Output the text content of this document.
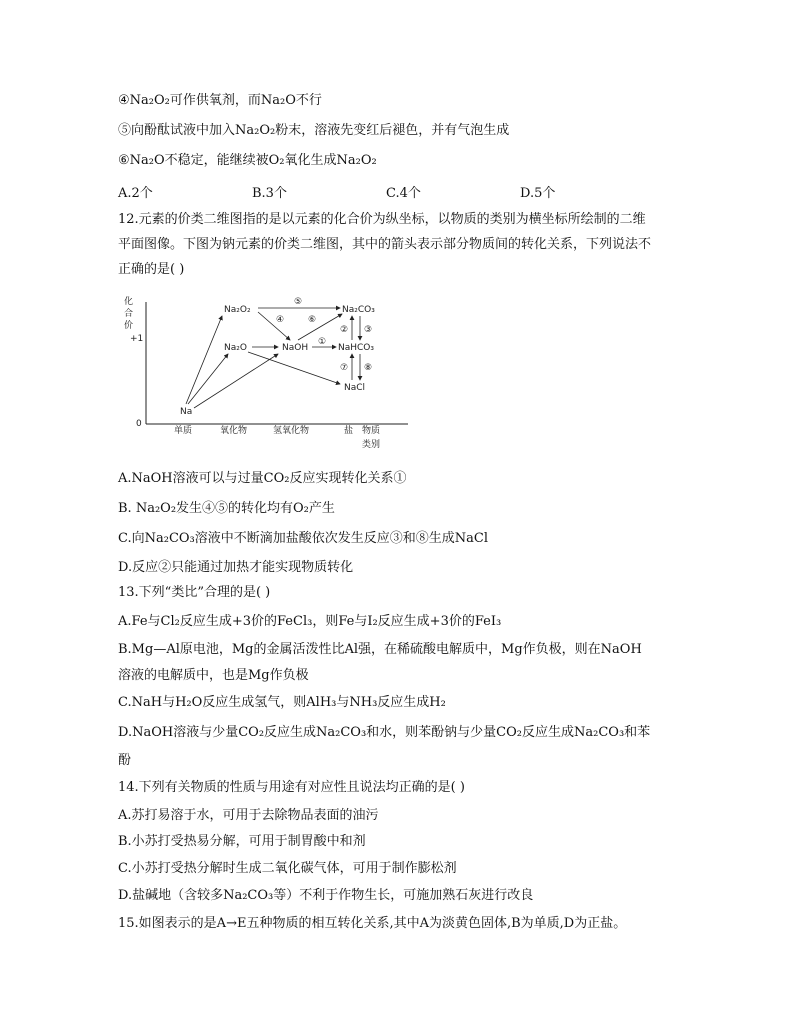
④Na₂O₂可作供氧剂，而Na₂O不行
⑤向酚酞试液中加入Na₂O₂粉末，溶液先变红后褪色，并有气泡生成
⑥Na₂O不稳定，能继续被O₂氧化生成Na₂O₂
A.2个	B.3个	C.4个	D.5个
12.元素的价类二维图指的是以元素的化合价为纵坐标，以物质的类别为横坐标所绘制的二维
平面图像。下图为钠元素的价类二维图，其中的箭头表示部分物质间的转化关系，下列说法不
正确的是( )
化
合
价
+1
0
单质	氧化物	氢氧化物	盐 物质
类别
Na
Na₂O₂
Na₂O	NaOH
Na₂CO₃
NaHCO₃
NaCl
①
② ③
④
⑤
⑥
⑦ ⑧
A.NaOH溶液可以与过量CO₂反应实现转化关系①
B. Na₂O₂发生④⑤的转化均有O₂产生
C.向Na₂CO₃溶液中不断滴加盐酸依次发生反应③和⑧生成NaCl
D.反应②只能通过加热才能实现物质转化
13.下列“类比”合理的是( )
A.Fe与Cl₂反应生成+3价的FeCl₃，则Fe与I₂反应生成+3价的FeI₃
B.Mg—Al原电池，Mg的金属活泼性比Al强，在稀硫酸电解质中，Mg作负极，则在NaOH
溶液的电解质中，也是Mg作负极
C.NaH与H₂O反应生成氢气，则AlH₃与NH₃反应生成H₂
D.NaOH溶液与少量CO₂反应生成Na₂CO₃和水，则苯酚钠与少量CO₂反应生成Na₂CO₃和苯
酚
14.下列有关物质的性质与用途有对应性且说法均正确的是( )
A.苏打易溶于水，可用于去除物品表面的油污
B.小苏打受热易分解，可用于制胃酸中和剂
C.小苏打受热分解时生成二氧化碳气体，可用于制作膨松剂
D.盐碱地（含较多Na₂CO₃等）不利于作物生长，可施加熟石灰进行改良
15.如图表示的是A→E五种物质的相互转化关系,其中A为淡黄色固体,B为单质,D为正盐。
